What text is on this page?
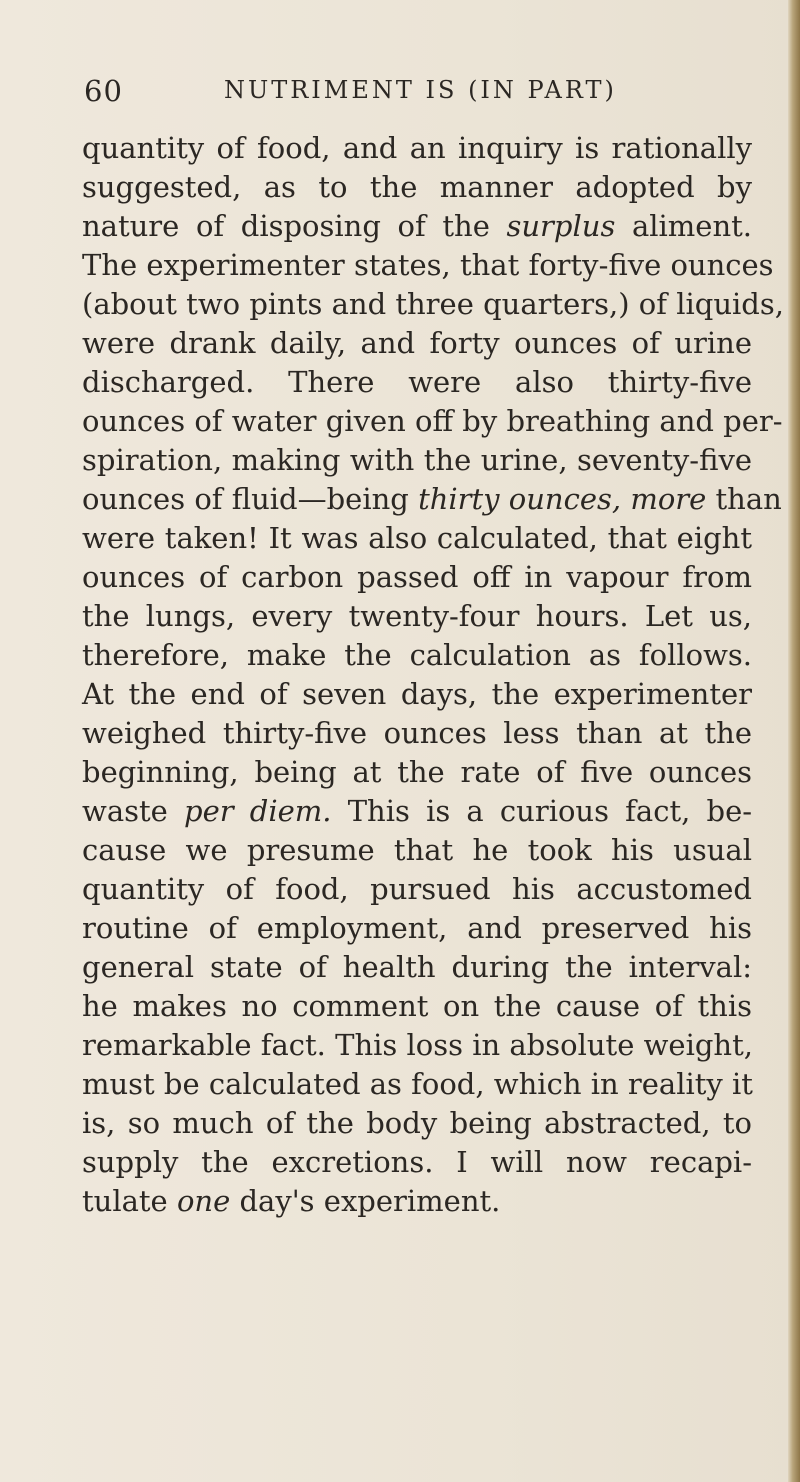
60	NUTRIMENT IS (IN PART)
quantity of food, and an inquiry is rationally
suggested, as to the manner adopted by
nature of disposing of the surplus aliment.
The experimenter states, that forty-five ounces
(about two pints and three quarters,) of liquids,
were drank daily, and forty ounces of urine
discharged. There were also thirty-five
ounces of water given off by breathing and per-
spiration, making with the urine, seventy-five
ounces of fluid—being thirty ounces, more than
were taken! It was also calculated, that eight
ounces of carbon passed off in vapour from
the lungs, every twenty-four hours. Let us,
therefore, make the calculation as follows.
At the end of seven days, the experimenter
weighed thirty-five ounces less than at the
beginning, being at the rate of five ounces
waste per diem. This is a curious fact, be-
cause we presume that he took his usual
quantity of food, pursued his accustomed
routine of employment, and preserved his
general state of health during the interval:
he makes no comment on the cause of this
remarkable fact. This loss in absolute weight,
must be calculated as food, which in reality it
is, so much of the body being abstracted, to
supply the excretions. I will now recapi-
tulate one day's experiment.
